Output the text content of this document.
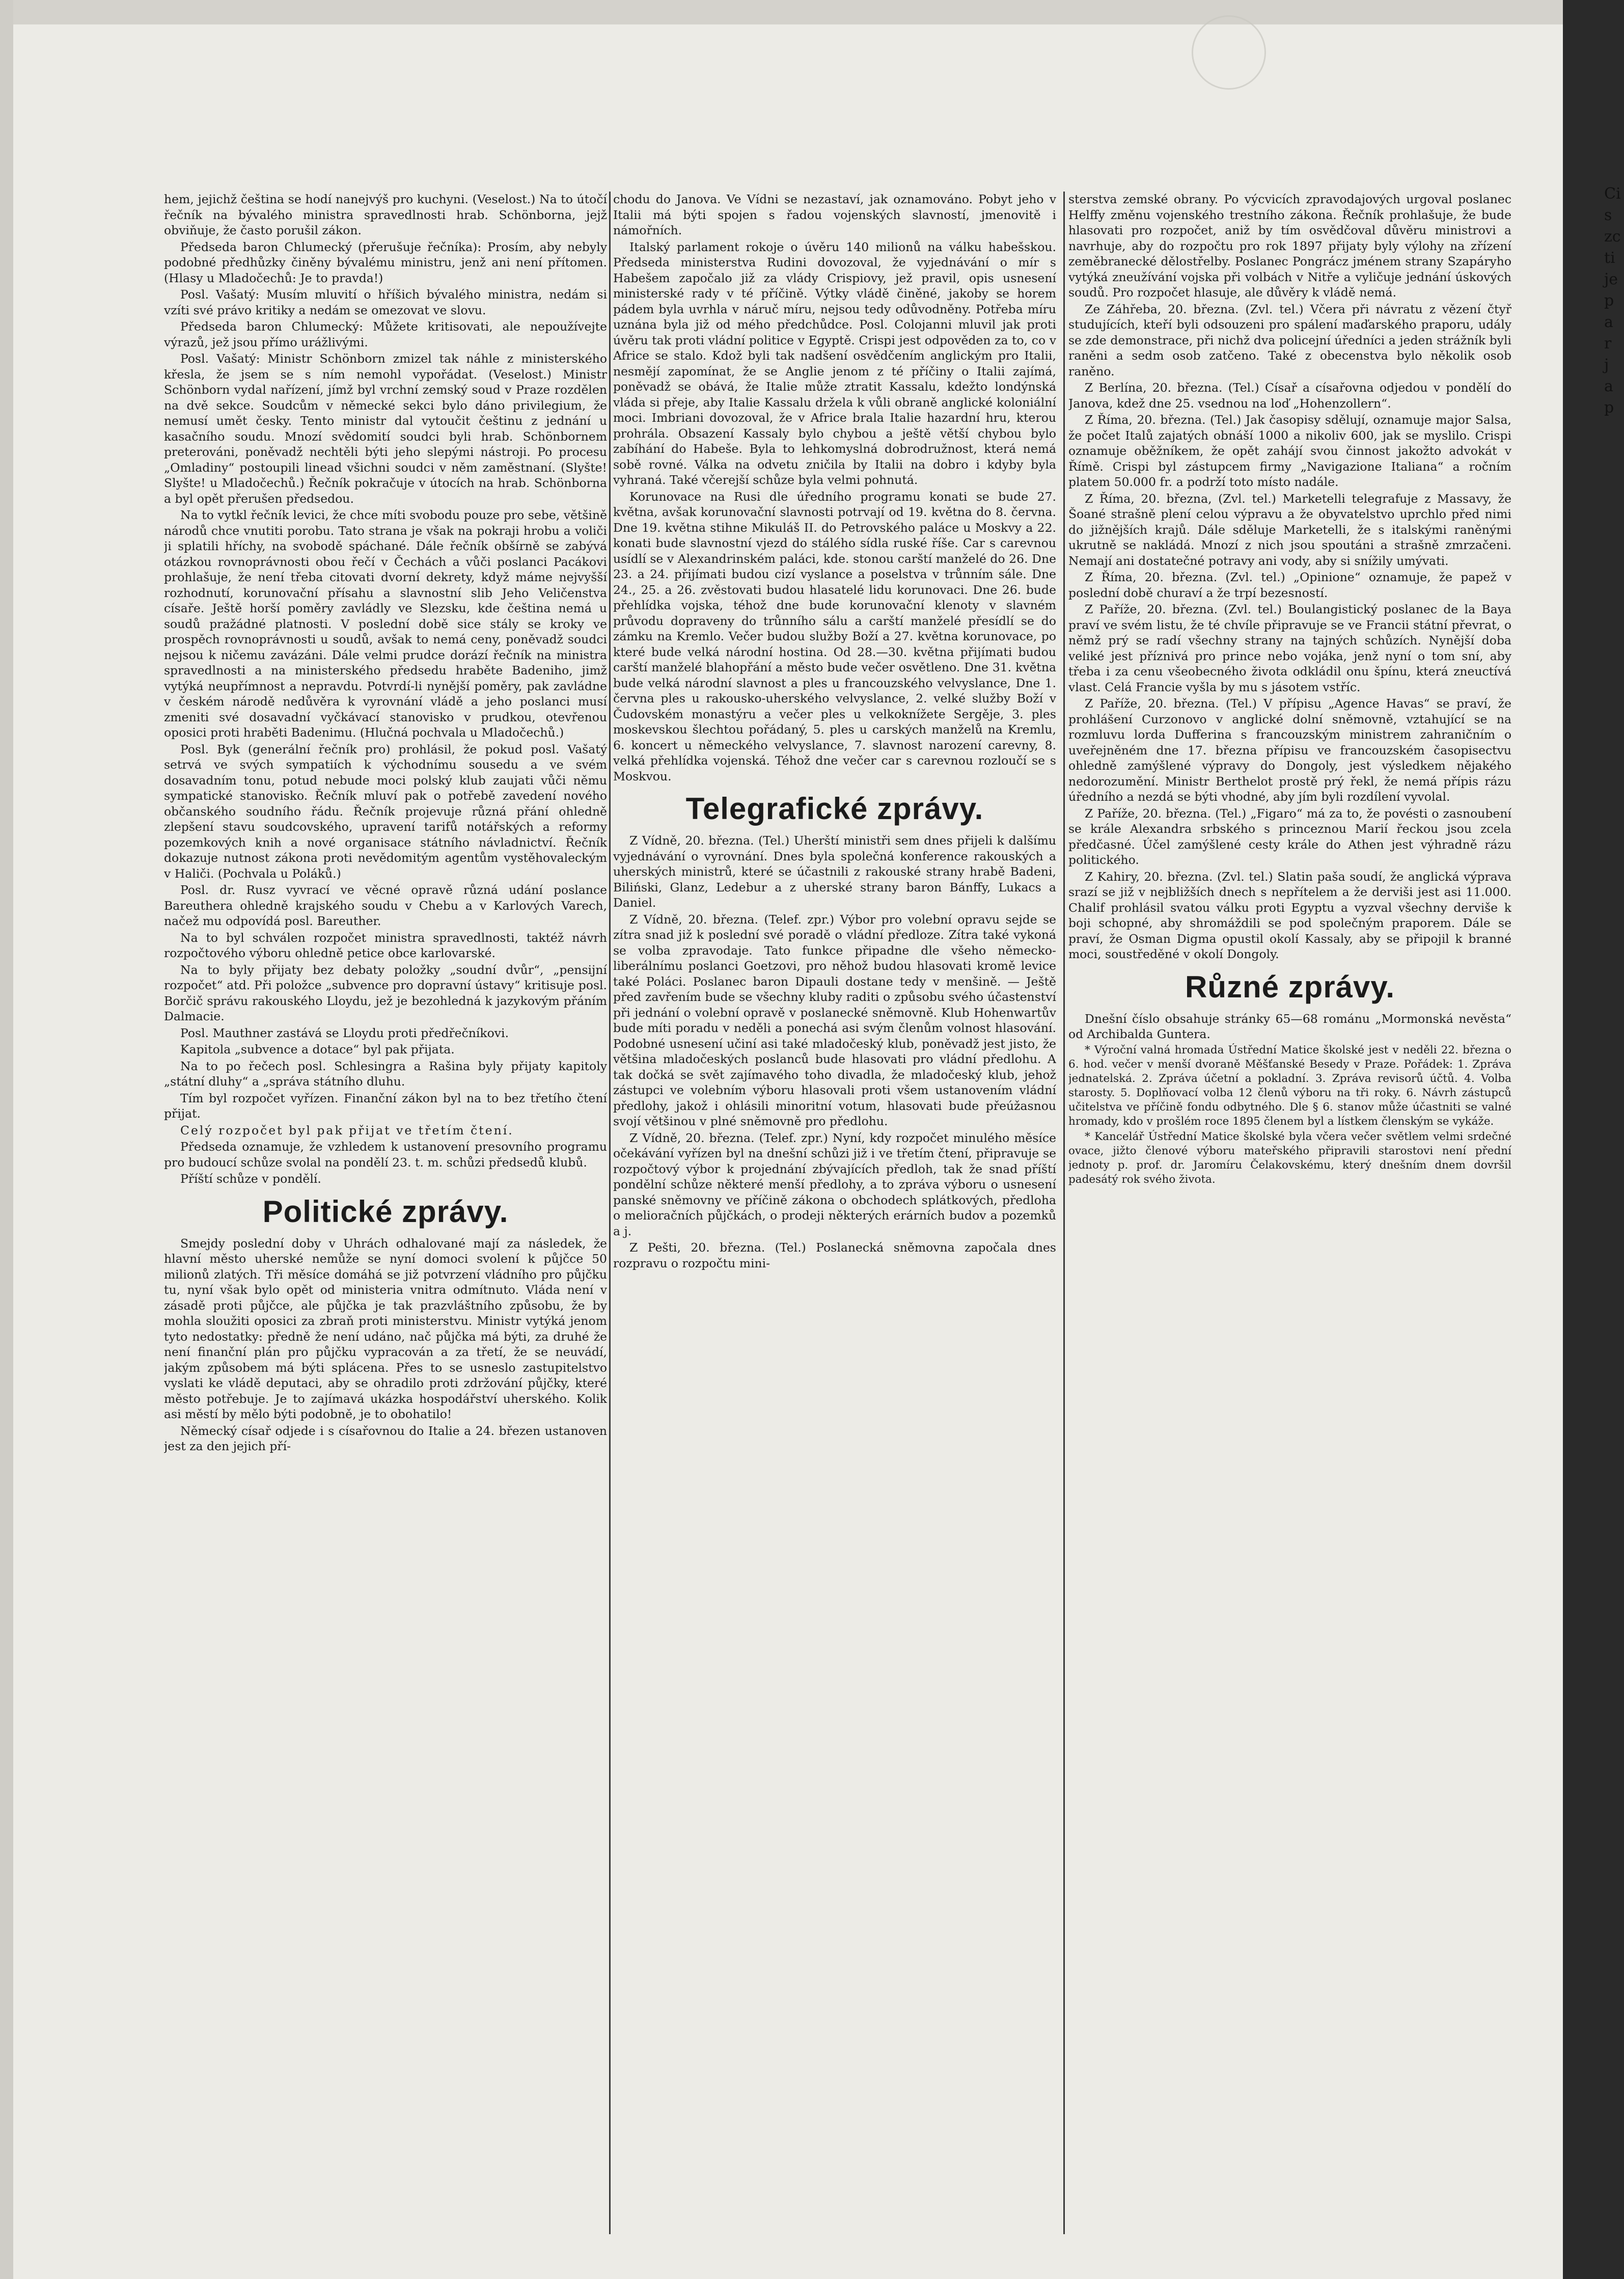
hem, jejichž čeština se hodí nanejvýš pro kuchyni. (Veselost.) Na to útočí řečník na bývalého ministra spravedlnosti hrab. Schönborna, jejž obviňuje, že často porušil zákon.

Předseda baron Chlumecký (přerušuje řečníka): Prosím, aby nebyly podobné předhůzky činěny bývalému ministru, jenž ani není přítomen. (Hlasy u Mladočechů: Je to pravda!)

Posl. Vašatý: Musím mluvití o hříšich bývalého ministra, nedám si vzíti své právo kritiky a nedám se omezovat ve slovu.

Předseda baron Chlumecký: Můžete kritisovati, ale nepoužívejte výrazů, jež jsou přímo urážlivými.

Posl. Vašatý: Ministr Schönborn zmizel tak náhle z ministerského křesla, že jsem se s ním nemohl vypořádat. (Veselost.) Ministr Schönborn vydal nařízení, jímž byl vrchní zemský soud v Praze rozdělen na dvě sekce. Soudcům v německé sekci bylo dáno privilegium, že nemusí umět česky. Tento ministr dal vytoučit češtinu z jednání u kasačního soudu. Mnozí svědomití soudci byli hrab. Schönbornem preterováni, poněvadž nechtěli býti jeho slepými nástroji. Po procesu „Omladiny“ postoupili linead všichni soudci v něm zaměstnaní. (Slyšte! Slyšte! u Mladočechů.) Řečník pokračuje v útocích na hrab. Schönborna a byl opět přerušen předsedou.

Na to vytkl řečník levici, že chce míti svobodu pouze pro sebe, většině národů chce vnutiti porobu. Tato strana je však na pokraji hrobu a voliči ji splatili hříchy, na svobodě spáchané. Dále řečník obšírně se zabývá otázkou rovnoprávnosti obou řečí v Čechách a vůči poslanci Pacákovi prohlašuje, že není třeba citovati dvorní dekrety, když máme nejvyšší rozhodnutí, korunovační přísahu a slavnostní slib Jeho Veličenstva císaře. Ještě horší poměry zavládly ve Slezsku, kde čeština nemá u soudů pražádné platnosti. V poslední době sice stály se kroky ve prospěch rovnoprávnosti u soudů, avšak to nemá ceny, poněvadž soudci nejsou k ničemu zavázáni. Dále velmi prudce dorází řečník na ministra spravedlnosti a na ministerského předsedu hraběte Badeniho, jimž vytýká neupřímnost a nepravdu. Potvrdí-li nynější poměry, pak zavládne v českém národě nedůvěra k vyrovnání vládě a jeho poslanci musí zmeniti své dosavadní vyčkávací stanovisko v prudkou, otevřenou oposici proti hraběti Badenimu. (Hlučná pochvala u Mladočechů.)

Posl. Byk (generální řečník pro) prohlásil, že pokud posl. Vašatý setrvá ve svých sympatiích k východnímu sousedu a ve svém dosavadním tonu, potud nebude moci polský klub zaujati vůči němu sympatické stanovisko. Řečník mluví pak o potřebě zavedení nového občanského soudního řádu. Řečník projevuje různá přání ohledně zlepšení stavu soudcovského, upravení tarifů notářských a reformy pozemkových knih a nové organisace státního návladnictví. Řečník dokazuje nutnost zákona proti nevědomitým agentům vystěhovaleckým v Haliči. (Pochvala u Poláků.)

Posl. dr. Rusz vyvrací ve věcné opravě různá udání poslance Bareuthera ohledně krajského soudu v Chebu a v Karlových Varech, načež mu odpovídá posl. Bareuther.

Na to byl schválen rozpočet ministra spravedlnosti, taktéž návrh rozpočtového výboru ohledně petice obce karlovarské.

Na to byly přijaty bez debaty položky „soudní dvůr“, „pensijní rozpočet“ atd. Při položce „subvence pro dopravní ústavy“ kritisuje posl. Borčič správu rakouského Lloydu, jež je bezohledná k jazykovým přáním Dalmacie.

Posl. Mauthner zastává se Lloydu proti předřečníkovi.

Kapitola „subvence a dotace“ byl pak přijata.

Na to po řečech posl. Schlesingra a Rašina byly přijaty kapitoly „státní dluhy“ a „správa státního dluhu.

Tím byl rozpočet vyřízen. Finanční zákon byl na to bez třetího čtení přijat.

Celý rozpočet byl pak přijat ve třetím čtení.

Předseda oznamuje, že vzhledem k ustanovení presovního programu pro budoucí schůze svolal na pondělí 23. t. m. schůzi předsedů klubů.

Příští schůze v pondělí.

Politické zprávy.

Smejdy poslední doby v Uhrách odhalované mají za následek, že hlavní město uherské nemůže se nyní domoci svolení k půjčce 50 milionů zlatých. Tři měsíce domáhá se již potvrzení vládního pro půjčku tu, nyní však bylo opět od ministeria vnitra odmítnuto. Vláda není v zásadě proti půjčce, ale půjčka je tak prazvláštního způsobu, že by mohla sloužiti oposici za zbraň proti ministerstvu. Ministr vytýká jenom tyto nedostatky: předně že není udáno, nač půjčka má býti, za druhé že není finanční plán pro půjčku vypracován a za třetí, že se neuvádí, jakým způsobem má býti splácena. Přes to se usneslo zastupitelstvo vyslati ke vládě deputaci, aby se ohradilo proti zdržování půjčky, které město potřebuje. Je to zajímavá ukázka hospodářství uherského. Kolik asi městí by mělo býti podobně, je to obohatilo!

Německý císař odjede i s císařovnou do Italie a 24. březen ustanoven jest za den jejich pří-

chodu do Janova. Ve Vídni se nezastaví, jak oznamováno. Pobyt jeho v Italii má býti spojen s řadou vojenských slavností, jmenovitě i námořních.

Italský parlament rokoje o úvěru 140 milionů na válku habešskou. Předseda ministerstva Rudini dovozoval, že vyjednávání o mír s Habešem započalo již za vlády Crispiovy, jež pravil, opis usnesení ministerské rady v té příčině. Výtky vládě činěné, jakoby se horem pádem byla uvrhla v náruč míru, nejsou tedy odůvodněny. Potřeba míru uznána byla již od mého předchůdce. Posl. Colojanni mluvil jak proti úvěru tak proti vládní politice v Egyptě. Crispi jest odpověden za to, co v Africe se stalo. Kdož byli tak nadšení osvědčením anglickým pro Italii, nesmějí zapomínat, že se Anglie jenom z té příčiny o Italii zajímá, poněvadž se obává, že Italie může ztratit Kassalu, kdežto londýnská vláda si přeje, aby Italie Kassalu držela k vůli obraně anglické koloniální moci. Imbriani dovozoval, že v Africe brala Italie hazardní hru, kterou prohrála. Obsazení Kassaly bylo chybou a ještě větší chybou bylo zabíhání do Habeše. Byla to lehkomyslná dobrodružnost, která nemá sobě rovné. Válka na odvetu zničila by Italii na dobro i kdyby byla vyhraná. Také včerejší schůze byla velmi pohnutá.

Korunovace na Rusi dle úředního programu konati se bude 27. května, avšak korunovační slavnosti potrvají od 19. května do 8. června. Dne 19. května stihne Mikuláš II. do Petrovského paláce u Moskvy a 22. konati bude slavnostní vjezd do stálého sídla ruské říše. Car s carevnou usídlí se v Alexandrinském paláci, kde. stonou carští manželé do 26. Dne 23. a 24. přijímati budou cizí vyslance a poselstva v trůnním sále. Dne 24., 25. a 26. zvěstovati budou hlasatelé lidu korunovaci. Dne 26. bude přehlídka vojska, téhož dne bude korunovační klenoty v slavném průvodu dopraveny do trůnního sálu a carští manželé přesídlí se do zámku na Kremlo. Večer budou služby Boží a 27. května korunovace, po které bude velká národní hostina. Od 28.—30. května přijímati budou carští manželé blahopřání a město bude večer osvětleno. Dne 31. května bude velká národní slavnost a ples u francouzského velvyslance, Dne 1. června ples u rakousko-uherského velvyslance, 2. velké služby Boží v Čudovském monastýru a večer ples u velkoknížete Sergěje, 3. ples moskevskou šlechtou pořádaný, 5. ples u carských manželů na Kremlu, 6. koncert u německého velvyslance, 7. slavnost narození carevny, 8. velká přehlídka vojenská. Téhož dne večer car s carevnou rozloučí se s Moskvou.

Telegrafické zprávy.

Z Vídně, 20. března. (Tel.) Uherští ministři sem dnes přijeli k dalšímu vyjednávání o vyrovnání. Dnes byla společná konference rakouských a uherských ministrů, které se účastnili z rakouské strany hrabě Badeni, Biliński, Glanz, Ledebur a z uherské strany baron Bánffy, Lukacs a Daniel.

Z Vídně, 20. března. (Telef. zpr.) Výbor pro volební opravu sejde se zítra snad již k poslední své poradě o vládní předloze. Zítra také vykoná se volba zpravodaje. Tato funkce připadne dle všeho německo-liberálnímu poslanci Goetzovi, pro něhož budou hlasovati kromě levice také Poláci. Poslanec baron Dipauli dostane tedy v menšině. — Ještě před zavřením bude se všechny kluby raditi o způsobu svého účastenství při jednání o volební opravě v poslanecké sněmovně. Klub Hohenwartův bude míti poradu v neděli a ponechá asi svým členům volnost hlasování. Podobné usnesení učiní asi také mladočeský klub, poněvadž jest jisto, že většina mladočeských poslanců bude hlasovati pro vládní předlohu. A tak dočká se svět zajímavého toho divadla, že mladočeský klub, jehož zástupci ve volebním výboru hlasovali proti všem ustanovením vládní předlohy, jakož i ohlásili minoritní votum, hlasovati bude přeúžasnou svojí většinou v plné sněmovně pro předlohu.

Z Vídně, 20. března. (Telef. zpr.) Nyní, kdy rozpočet minulého měsíce očekávání vyřízen byl na dnešní schůzi již i ve třetím čtení, připravuje se rozpočtový výbor k projednání zbývajících předloh, tak že snad příští pondělní schůze některé menší předlohy, a to zpráva výboru o usnesení panské sněmovny ve příčině zákona o obchodech splátkových, předloha o melioračních půjčkách, o prodeji některých erárních budov a pozemků a j.

Z Pešti, 20. března. (Tel.) Poslanecká sněmovna započala dnes rozpravu o rozpočtu mini-

sterstva zemské obrany. Po výcvicích zpravodajových urgoval poslanec Helffy změnu vojenského trestního zákona. Řečník prohlašuje, že bude hlasovati pro rozpočet, aniž by tím osvědčoval důvěru ministrovi a navrhuje, aby do rozpočtu pro rok 1897 přijaty byly výlohy na zřízení zeměbranecké dělostřelby. Poslanec Pongrácz jménem strany Szapáryho vytýká zneužívání vojska při volbách v Nitře a vyličuje jednání úskových soudů. Pro rozpočet hlasuje, ale důvěry k vládě nemá.

Ze Záhřeba, 20. března. (Zvl. tel.) Včera při návratu z vězení čtyř studujících, kteří byli odsouzeni pro spálení maďarského praporu, udály se zde demonstrace, při nichž dva policejní úředníci a jeden strážník byli raněni a sedm osob zatčeno. Také z obecenstva bylo několik osob raněno.

Z Berlína, 20. března. (Tel.) Císař a císařovna odjedou v pondělí do Janova, kdež dne 25. vsednou na loď „Hohenzollern“.

Z Říma, 20. března. (Tel.) Jak časopisy sdělují, oznamuje major Salsa, že počet Italů zajatých obnáší 1000 a nikoliv 600, jak se myslilo. Crispi oznamuje oběžníkem, že opět zahájí svou činnost jakožto advokát v Římě. Crispi byl zástupcem firmy „Navigazione Italiana“ a ročním platem 50.000 fr. a podrží toto místo nadále.

Z Říma, 20. března, (Zvl. tel.) Marketelli telegrafuje z Massavy, že Šoané strašně plení celou výpravu a že obyvatelstvo uprchlo před nimi do jižnějších krajů. Dále sděluje Marketelli, že s italskými raněnými ukrutně se nakládá. Mnozí z nich jsou spoutáni a strašně zmrzačeni. Nemají ani dostatečné potravy ani vody, aby si snížily umývati.

Z Říma, 20. března. (Zvl. tel.) „Opinione“ oznamuje, že papež v poslední době churaví a že trpí bezesností.

Z Paříže, 20. března. (Zvl. tel.) Boulangistický poslanec de la Baya praví ve svém listu, že té chvíle připravuje se ve Francii státní převrat, o němž prý se radí všechny strany na tajných schůzích. Nynější doba veliké jest příznivá pro prince nebo vojáka, jenž nyní o tom sní, aby třeba i za cenu všeobecného života odkládil onu špínu, která zneuctívá vlast. Celá Francie vyšla by mu s jásotem vstříc.

Z Paříže, 20. března. (Tel.) V přípisu „Agence Havas“ se praví, že prohlášení Curzonovo v anglické dolní sněmovně, vztahující se na rozmluvu lorda Dufferina s francouzským ministrem zahraničním o uveřejněném dne 17. března přípisu ve francouzském časopisectvu ohledně zamýšlené výpravy do Dongoly, jest výsledkem nějakého nedorozumění. Ministr Berthelot prostě prý řekl, že nemá přípis rázu úředního a nezdá se býti vhodné, aby jím byli rozdílení vyvolal.

Z Paříže, 20. března. (Tel.) „Figaro“ má za to, že povésti o zasnoubení se krále Alexandra srbského s princeznou Marií řeckou jsou zcela předčasné. Účel zamýšlené cesty krále do Athen jest výhradně rázu politického.

Z Kahiry, 20. března. (Zvl. tel.) Slatin paša soudí, že anglická výprava srazí se již v nejbližších dnech s nepřítelem a že derviši jest asi 11.000. Chalif prohlásil svatou válku proti Egyptu a vyzval všechny derviše k boji schopné, aby shromáždili se pod společným praporem. Dále se praví, že Osman Digma opustil okolí Kassaly, aby se připojil k branné moci, soustředěné v okolí Dongoly.

Různé zprávy.

Dnešní číslo obsahuje stránky 65—68 románu „Mormonská nevěsta“ od Archibalda Guntera.

* Výroční valná hromada Ústřední Matice školské jest v neděli 22. března o 6. hod. večer v menší dvoraně Měšťanské Besedy v Praze. Pořádek: 1. Zpráva jednatelská. 2. Zpráva účetní a pokladní. 3. Zpráva revisorů účtů. 4. Volba starosty. 5. Doplňovací volba 12 členů výboru na tři roky. 6. Návrh zástupců učitelstva ve příčině fondu odbytného. Dle § 6. stanov může účastniti se valné hromady, kdo v prošlém roce 1895 členem byl a lístkem členským se vykáže.

* Kancelář Ústřední Matice školské byla včera večer světlem velmi srdečné ovace, jižto členové výboru mateřského připravili starostovi není přední jednoty p. prof. dr. Jaromíru Čelakovskému, který dnešním dnem dovršil padesátý rok svého života.

Ci
s
zc
ti
je
p
a
r
j
a
p
